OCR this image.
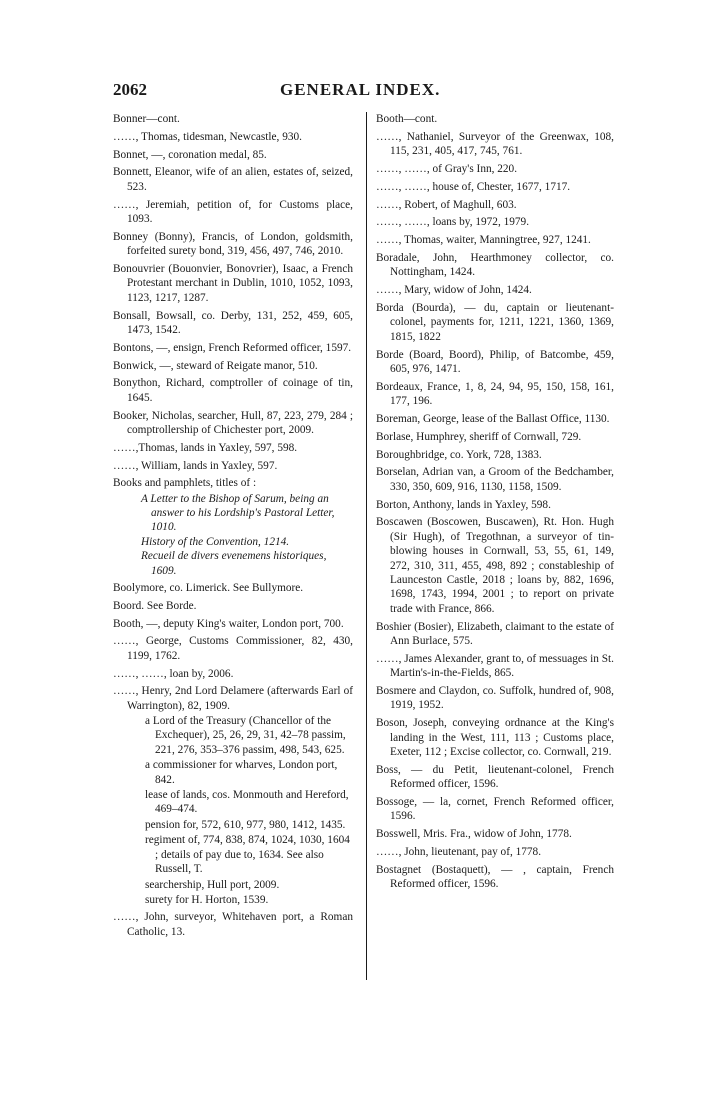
2062	GENERAL INDEX.
Bonner—cont.
……, Thomas, tidesman, Newcastle, 930.
Bonnet, —, coronation medal, 85.
Bonnett, Eleanor, wife of an alien, estates of, seized, 523.
……, Jeremiah, petition of, for Customs place, 1093.
Bonney (Bonny), Francis, of London, goldsmith, forfeited surety bond, 319, 456, 497, 746, 2010.
Bonouvrier (Bouonvier, Bonovrier), Isaac, a French Protestant merchant in Dublin, 1010, 1052, 1093, 1123, 1217, 1287.
Bonsall, Bowsall, co. Derby, 131, 252, 459, 605, 1473, 1542.
Bontons, —, ensign, French Reformed officer, 1597.
Bonwick, —, steward of Reigate manor, 510.
Bonython, Richard, comptroller of coinage of tin, 1645.
Booker, Nicholas, searcher, Hull, 87, 223, 279, 284 ; comptrollership of Chichester port, 2009.
……,Thomas, lands in Yaxley, 597, 598.
……, William, lands in Yaxley, 597.
Books and pamphlets, titles of :
A Letter to the Bishop of Sarum, being an answer to his Lordship's Pastoral Letter, 1010.
History of the Convention, 1214.
Recueil de divers evenemens historiques, 1609.
Boolymore, co. Limerick. See Bullymore.
Boord. See Borde.
Booth, —, deputy King's waiter, London port, 700.
……, George, Customs Commissioner, 82, 430, 1199, 1762.
……, ……, loan by, 2006.
……, Henry, 2nd Lord Delamere (afterwards Earl of Warrington), 82, 1909.
a Lord of the Treasury (Chancellor of the Exchequer), 25, 26, 29, 31, 42–78 passim, 221, 276, 353–376 passim, 498, 543, 625.
a commissioner for wharves, London port, 842.
lease of lands, cos. Monmouth and Hereford, 469–474.
pension for, 572, 610, 977, 980, 1412, 1435.
regiment of, 774, 838, 874, 1024, 1030, 1604 ; details of pay due to, 1634. See also Russell, T.
searchership, Hull port, 2009.
surety for H. Horton, 1539.
……, John, surveyor, Whitehaven port, a Roman Catholic, 13.
Booth—cont.
……, Nathaniel, Surveyor of the Greenwax, 108, 115, 231, 405, 417, 745, 761.
……, ……, of Gray's Inn, 220.
……, ……, house of, Chester, 1677, 1717.
……, Robert, of Maghull, 603.
……, ……, loans by, 1972, 1979.
……, Thomas, waiter, Manningtree, 927, 1241.
Boradale, John, Hearthmoney collector, co. Nottingham, 1424.
……, Mary, widow of John, 1424.
Borda (Bourda), — du, captain or lieutenant-colonel, payments for, 1211, 1221, 1360, 1369, 1815, 1822
Borde (Board, Boord), Philip, of Batcombe, 459, 605, 976, 1471.
Bordeaux, France, 1, 8, 24, 94, 95, 150, 158, 161, 177, 196.
Boreman, George, lease of the Ballast Office, 1130.
Borlase, Humphrey, sheriff of Cornwall, 729.
Boroughbridge, co. York, 728, 1383.
Borselan, Adrian van, a Groom of the Bedchamber, 330, 350, 609, 916, 1130, 1158, 1509.
Borton, Anthony, lands in Yaxley, 598.
Boscawen (Boscowen, Buscawen), Rt. Hon. Hugh (Sir Hugh), of Tregothnan, a surveyor of tin-blowing houses in Cornwall, 53, 55, 61, 149, 272, 310, 311, 455, 498, 892 ; constableship of Launceston Castle, 2018 ; loans by, 882, 1696, 1698, 1743, 1994, 2001 ; to report on private trade with France, 866.
Boshier (Bosier), Elizabeth, claimant to the estate of Ann Burlace, 575.
……, James Alexander, grant to, of messuages in St. Martin's-in-the-Fields, 865.
Bosmere and Claydon, co. Suffolk, hundred of, 908, 1919, 1952.
Boson, Joseph, conveying ordnance at the King's landing in the West, 111, 113 ; Customs place, Exeter, 112 ; Excise collector, co. Cornwall, 219.
Boss, — du Petit, lieutenant-colonel, French Reformed officer, 1596.
Bossoge, — la, cornet, French Reformed officer, 1596.
Bosswell, Mris. Fra., widow of John, 1778.
……, John, lieutenant, pay of, 1778.
Bostagnet (Bostaquett), — , captain, French Reformed officer, 1596.
